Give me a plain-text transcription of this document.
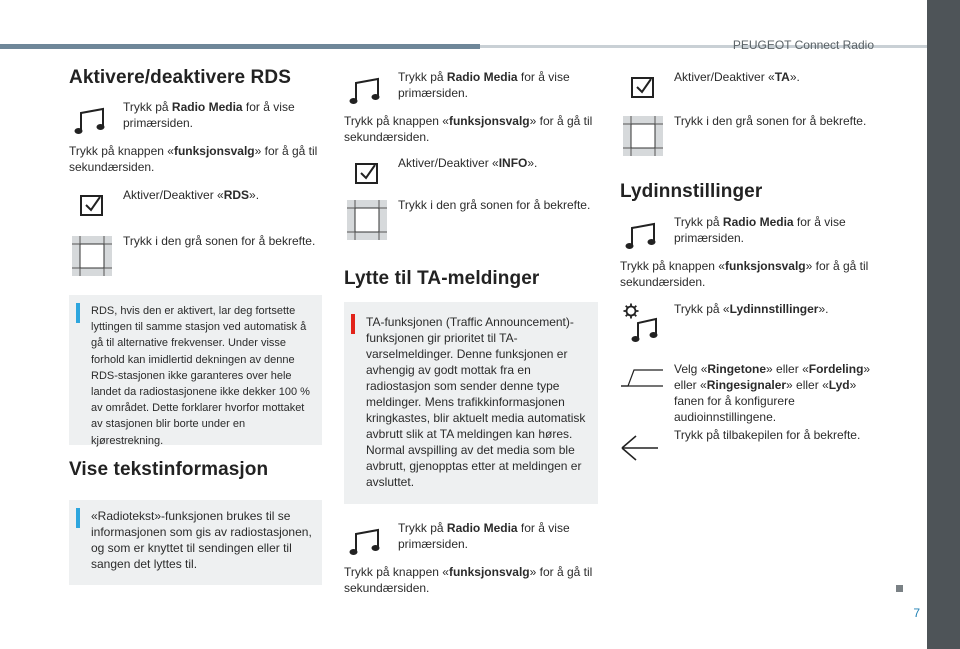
PEUGEOT Connect Radio
7
Aktivere/deaktivere RDS
Trykk på Radio Media for å vise primærsiden.

Trykk på knappen «funksjonsvalg» for å gå til sekundærsiden.

Aktiver/Deaktiver «RDS».
Trykk i den grå sonen for å bekrefte.
RDS, hvis den er aktivert, lar deg fortsette lyttingen til samme stasjon ved automatisk å gå til alternative frekvenser. Under visse forhold kan imidlertid dekningen av denne RDS-stasjonen ikke garanteres over hele landet da radiostasjonene ikke dekker 100 % av området. Dette forklarer hvorfor mottaket av stasjonen blir borte under en kjørestrekning.
Vise tekstinformasjon
«Radiotekst»-funksjonen brukes til se informasjonen som gis av radiostasjonen, og som er knyttet til sendingen eller til sangen det lyttes til.
Trykk på Radio Media for å vise primærsiden.

Trykk på knappen «funksjonsvalg» for å gå til sekundærsiden.

Aktiver/Deaktiver «INFO».
Trykk i den grå sonen for å bekrefte.
Lytte til TA-meldinger
TA-funksjonen (Traffic Announcement)-funksjonen gir prioritet til TA-varselmeldinger. Denne funksjonen er avhengig av godt mottak fra en radiostasjon som sender denne type meldinger. Mens trafikkinformasjonen kringkastes, blir aktuelt media automatisk avbrutt slik at TA meldingen kan høres. Normal avspilling av det media som ble avbrutt, gjenopptas etter at meldingen er avsluttet.
Trykk på Radio Media for å vise primærsiden.

Trykk på knappen «funksjonsvalg» for å gå til sekundærsiden.

Aktiver/Deaktiver «TA».
Trykk i den grå sonen for å bekrefte.
Lydinnstillinger
Trykk på Radio Media for å vise primærsiden.

Trykk på knappen «funksjonsvalg» for å gå til sekundærsiden.

Trykk på «Lydinnstillinger».
Velg «Ringetone» eller «Fordeling» eller «Ringesignaler» eller «Lyd» fanen for å konfigurere audioinnstillingene.
Trykk på tilbakepilen for å bekrefte.
